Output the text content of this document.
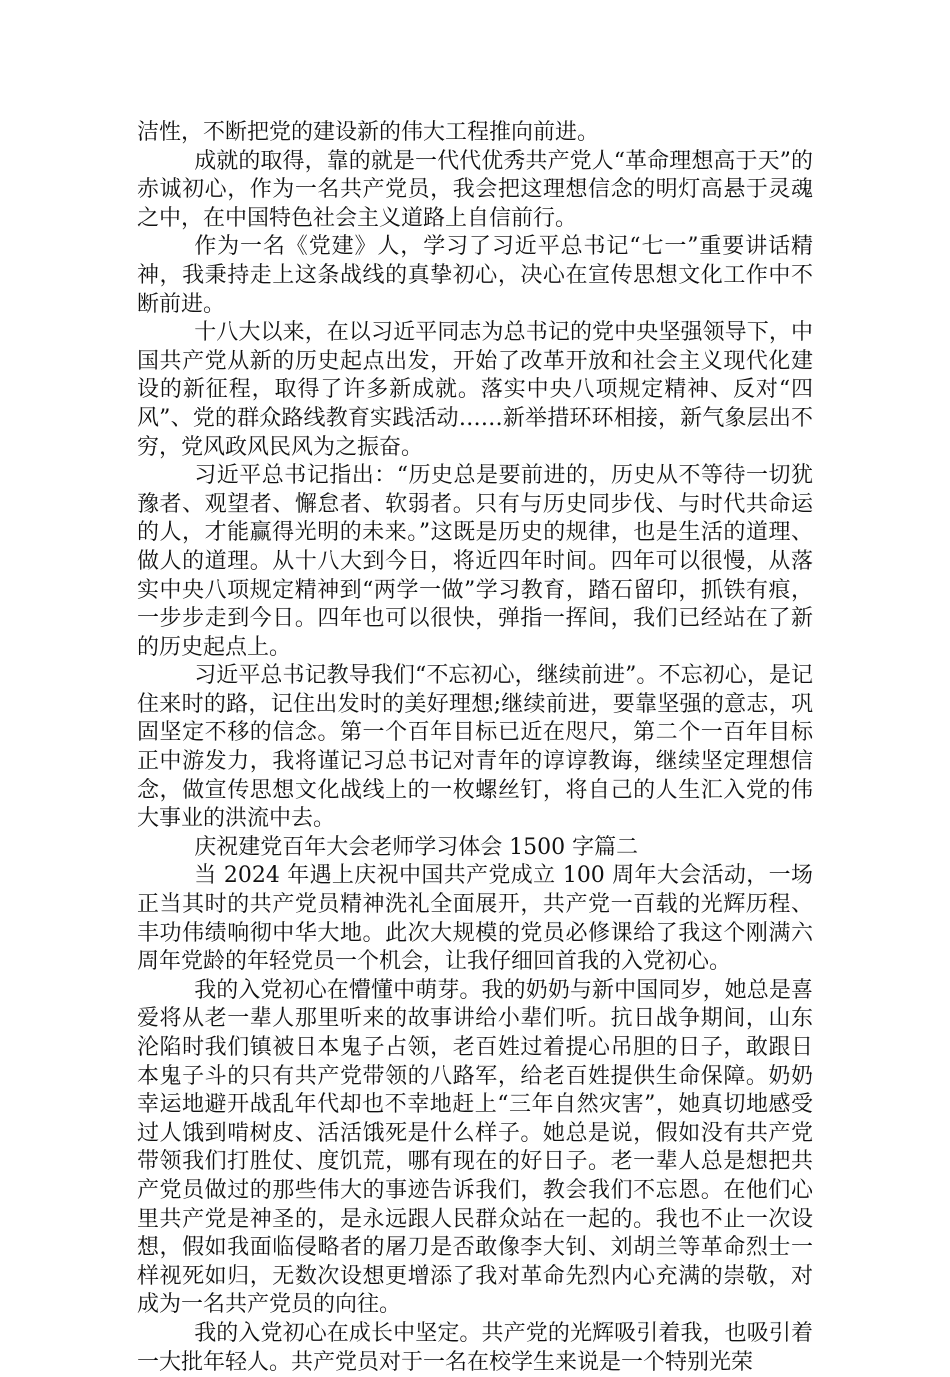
洁性，不断把党的建设新的伟大工程推向前进。

成就的取得，靠的就是一代代优秀共产党人“革命理想高于天”的赤诚初心，作为一名共产党员，我会把这理想信念的明灯高悬于灵魂之中，在中国特色社会主义道路上自信前行。

作为一名《党建》人，学习了习近平总书记“七一”重要讲话精神，我秉持走上这条战线的真挚初心，决心在宣传思想文化工作中不断前进。

十八大以来，在以习近平同志为总书记的党中央坚强领导下，中国共产党从新的历史起点出发，开始了改革开放和社会主义现代化建设的新征程，取得了许多新成就。落实中央八项规定精神、反对“四风”、党的群众路线教育实践活动……新举措环环相接，新气象层出不穷，党风政风民风为之振奋。

习近平总书记指出：“历史总是要前进的，历史从不等待一切犹豫者、观望者、懈怠者、软弱者。只有与历史同步伐、与时代共命运的人，才能赢得光明的未来。”这既是历史的规律，也是生活的道理、做人的道理。从十八大到今日，将近四年时间。四年可以很慢，从落实中央八项规定精神到“两学一做”学习教育，踏石留印，抓铁有痕，一步步走到今日。四年也可以很快，弹指一挥间，我们已经站在了新的历史起点上。

习近平总书记教导我们“不忘初心，继续前进”。不忘初心，是记住来时的路，记住出发时的美好理想;继续前进，要靠坚强的意志，巩固坚定不移的信念。第一个百年目标已近在咫尺，第二个一百年目标正中游发力，我将谨记习总书记对青年的谆谆教诲，继续坚定理想信念，做宣传思想文化战线上的一枚螺丝钉，将自己的人生汇入党的伟大事业的洪流中去。

庆祝建党百年大会老师学习体会 1500 字篇二

当 2024 年遇上庆祝中国共产党成立 100 周年大会活动，一场正当其时的共产党员精神洗礼全面展开，共产党一百载的光辉历程、丰功伟绩响彻中华大地。此次大规模的党员必修课给了我这个刚满六周年党龄的年轻党员一个机会，让我仔细回首我的入党初心。

我的入党初心在懵懂中萌芽。我的奶奶与新中国同岁，她总是喜爱将从老一辈人那里听来的故事讲给小辈们听。抗日战争期间，山东沦陷时我们镇被日本鬼子占领，老百姓过着提心吊胆的日子，敢跟日本鬼子斗的只有共产党带领的八路军，给老百姓提供生命保障。奶奶幸运地避开战乱年代却也不幸地赶上“三年自然灾害”，她真切地感受过人饿到啃树皮、活活饿死是什么样子。她总是说，假如没有共产党带领我们打胜仗、度饥荒，哪有现在的好日子。老一辈人总是想把共产党员做过的那些伟大的事迹告诉我们，教会我们不忘恩。在他们心里共产党是神圣的，是永远跟人民群众站在一起的。我也不止一次设想，假如我面临侵略者的屠刀是否敢像李大钊、刘胡兰等革命烈士一样视死如归，无数次设想更增添了我对革命先烈内心充满的崇敬，对成为一名共产党员的向往。

我的入党初心在成长中坚定。共产党的光辉吸引着我，也吸引着一大批年轻人。共产党员对于一名在校学生来说是一个特别光荣
